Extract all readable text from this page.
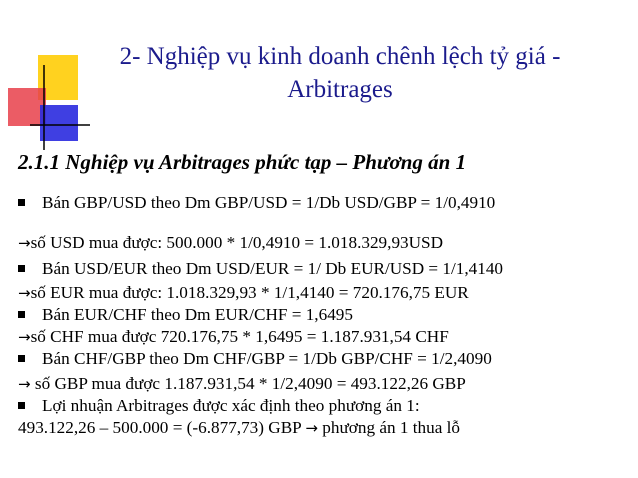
2- Nghiệp vụ kinh doanh chênh lệch tỷ giá -
Arbitrages
2.1.1 Nghiệp vụ Arbitrages phức tạp – Phương án 1
Bán GBP/USD theo Dm GBP/USD = 1/Db USD/GBP = 1/0,4910
→số USD mua được: 500.000 * 1/0,4910 = 1.018.329,93USD
Bán USD/EUR theo Dm USD/EUR = 1/ Db EUR/USD = 1/1,4140
→số EUR mua được: 1.018.329,93 * 1/1,4140 = 720.176,75 EUR
Bán EUR/CHF theo Dm EUR/CHF = 1,6495
→số CHF mua được 720.176,75 * 1,6495 = 1.187.931,54 CHF
Bán CHF/GBP theo Dm CHF/GBP = 1/Db GBP/CHF = 1/2,4090
→ số GBP mua được 1.187.931,54 * 1/2,4090 = 493.122,26 GBP
Lợi nhuận Arbitrages được xác định theo phương án 1:
493.122,26 – 500.000 = (-6.877,73) GBP → phương án 1 thua lỗ
